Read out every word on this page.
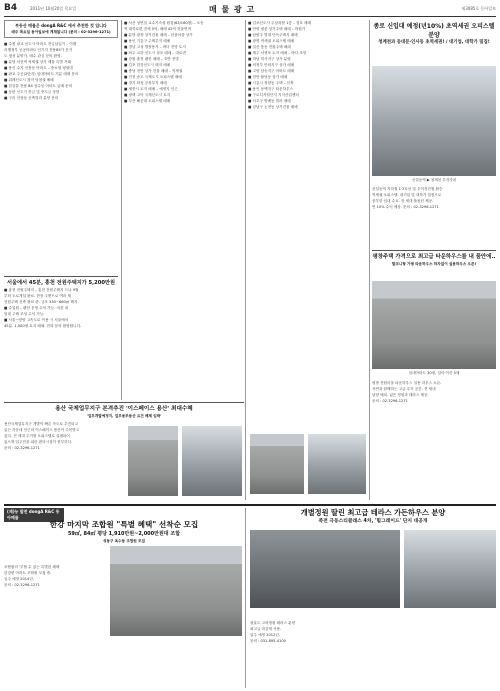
B4	2011년 10월20일 목요일	매 물 광 고	제3085호 동아일보
부동산 매물은 dongA R&C 에서 추천한 것 입니다
매주 목요일 동아일보에 게재됩니다 (문의 : 02-3296-1271)
■ 수원 광교 신도시 아파트 잔금납입기 – 이태
리행정부 공공아파트 인기지 전용85가 웃거
도 형성 분양가. 매수 관심 문의 환영.
■ 분당 서현역 역세권 상가 매물 특별 거래
■ 용인 수지 신봉동 아파트 – 중소형 평형대
■ 판교 주공(2단지) 임대아파트 지분 매매 문의
■ 위례신도시 청약 당첨권 매매
■ 한강뷰 전용 84 성수동 아파트 급매 문의
■ 동탄 신도시 잔금 및 중도금 상담
■ 구리 인창동 신축빌라 분양 문의
서울에서 45분, 홍천 전원주택지가 5,200만원
■ 홍천 전원주택지 – 홍천 전원주택지 드나 9월
부터 도로개설 완료. 현장 주변으로 여러 채
전원주택 건축 완료 중. 규모 330~660㎡ 택지.
■ 수입원 – 펜션 운영 수익 가능. 마을 내
임대 주택 조성 수익 가능.
■ 서울~양양 고속도로 이용 시 서울에서
45분. 1,000평 토지 매매. 전화 문의 환영합니다.
용산 국제업무지구 본격추진 '이스페이스 용산' 최대수혜
'업무개발예정지, 업무용부동산 요건 해제 임박'
용산국제업무지구 개발이 빠른 속도로 추진되고
있는 가운데 인근의 이스페이스 용산이 주목받고
있다. 전 세대 주거형 오피스텔로 설계되어
있으며 입주민을 위한 편의시설이 풍부하다.
문의 : 02-3296-1271
■ 서산 성연일 교수기숙형 원룸(63/160평) – 오송
역 대학로변 전세 5억, 매매 42억 건물면적
■ 분당 광장 상가건물 매매 – 한솔마을 상가
■ 용인 기흥구 주택부지 매매
■ 경남 고성 별장용지 – 바다 전망 토지
■ 파주 교하 신도시 점포 매매 – 대로변
■ 강원 춘천 펜션 매매 – 호반 전망
■ 김포 한강신도시 택지 매매
■ 충남 천안 상가 건물 매매 – 역세권
■ 인천 송도 국제도시 오피스텔 매매
■ 경기 화성 공장부지 매매
■ 세종시 토지 매매 – 예정지 인근
■ 평택 고덕 국제신도시 토지
■ 부산 해운대 오피스텔 매매
■ 김포신도시 주상복합 1층 – 점포 매매
■ 안양 평촌 상가주택 매매 – 학원가
■ 남양주 별내 단독주택지 매매
■ 광명 역세권 오피스텔 매매
■ 일산 풍동 전원주택 매매
■ 제주 서귀포 토지 매매 – 바다 조망
■ 하남 미사지구 상가 분양
■ 의정부 민락지구 상가 매매
■ 고양 삼송지구 아파트 매매
■ 천안 불당동 상가 매매
■ 시흥시 정왕동 주택 – 신축
■ 용인 동백지구 타운하우스
■ 구로디지털단지 지식산업센터
■ 서초구 방배동 빌라 매매
■ 강남구 논현동 상가건물 매매
종로 신입대 예정(년10%) 초역세권 오피스텔 분양
청계천과 동대문·인사동 초역세권! / 대기업, 대학가 밀집!
신설동역 ▶ 청계천 투자가치
신설동역 지하철 1·2호선 및 우이경전철 환승
역세권 오피스텔. 대기업 및 대학가 밀집으로
풍부한 임대 수요. 전 세대 풀옵션 제공.
연 10% 수익 예상. 문의 : 02-3296-1271
평창주택 가격으로 최고급 타운하우스를 내 품안에..
발코니형 가평 타운하우스 하자없이 실용하우스 오픈!
임대아파트 30평, 설악·이산 5채
평창 전원마을 타운하우스 실용 하우스 오픈.
자연과 함께하는 고급 주거 공간. 전 세대
남향 배치. 넓은 정원과 테라스 제공.
문의 : 02-3296-1271
(재)농 발전 dongA R&C 동아매물
한강 마지막 조합원 "특별 혜택" 선착순 모집
59㎡, 84㎡ 평당 1,910만원~2,000만원대 조합
성동구 옥수동 조합원 모집
조합원의 '부할 수 있는 특별한 혜택
한강변 아파트 조합원 모집 중.
입주 예정 2014년.
문의 : 02-3296-1271
개별정원 딸린 최고급 테라스 가든하우스 분양
죽전 극동스티클래스 4차, '힐그레이드' 단지 대공개
광효도 고려정원 테라스 분양
최고급 마감재 사용.
입주 예정 2012년.
문의 : 031-895-4100
